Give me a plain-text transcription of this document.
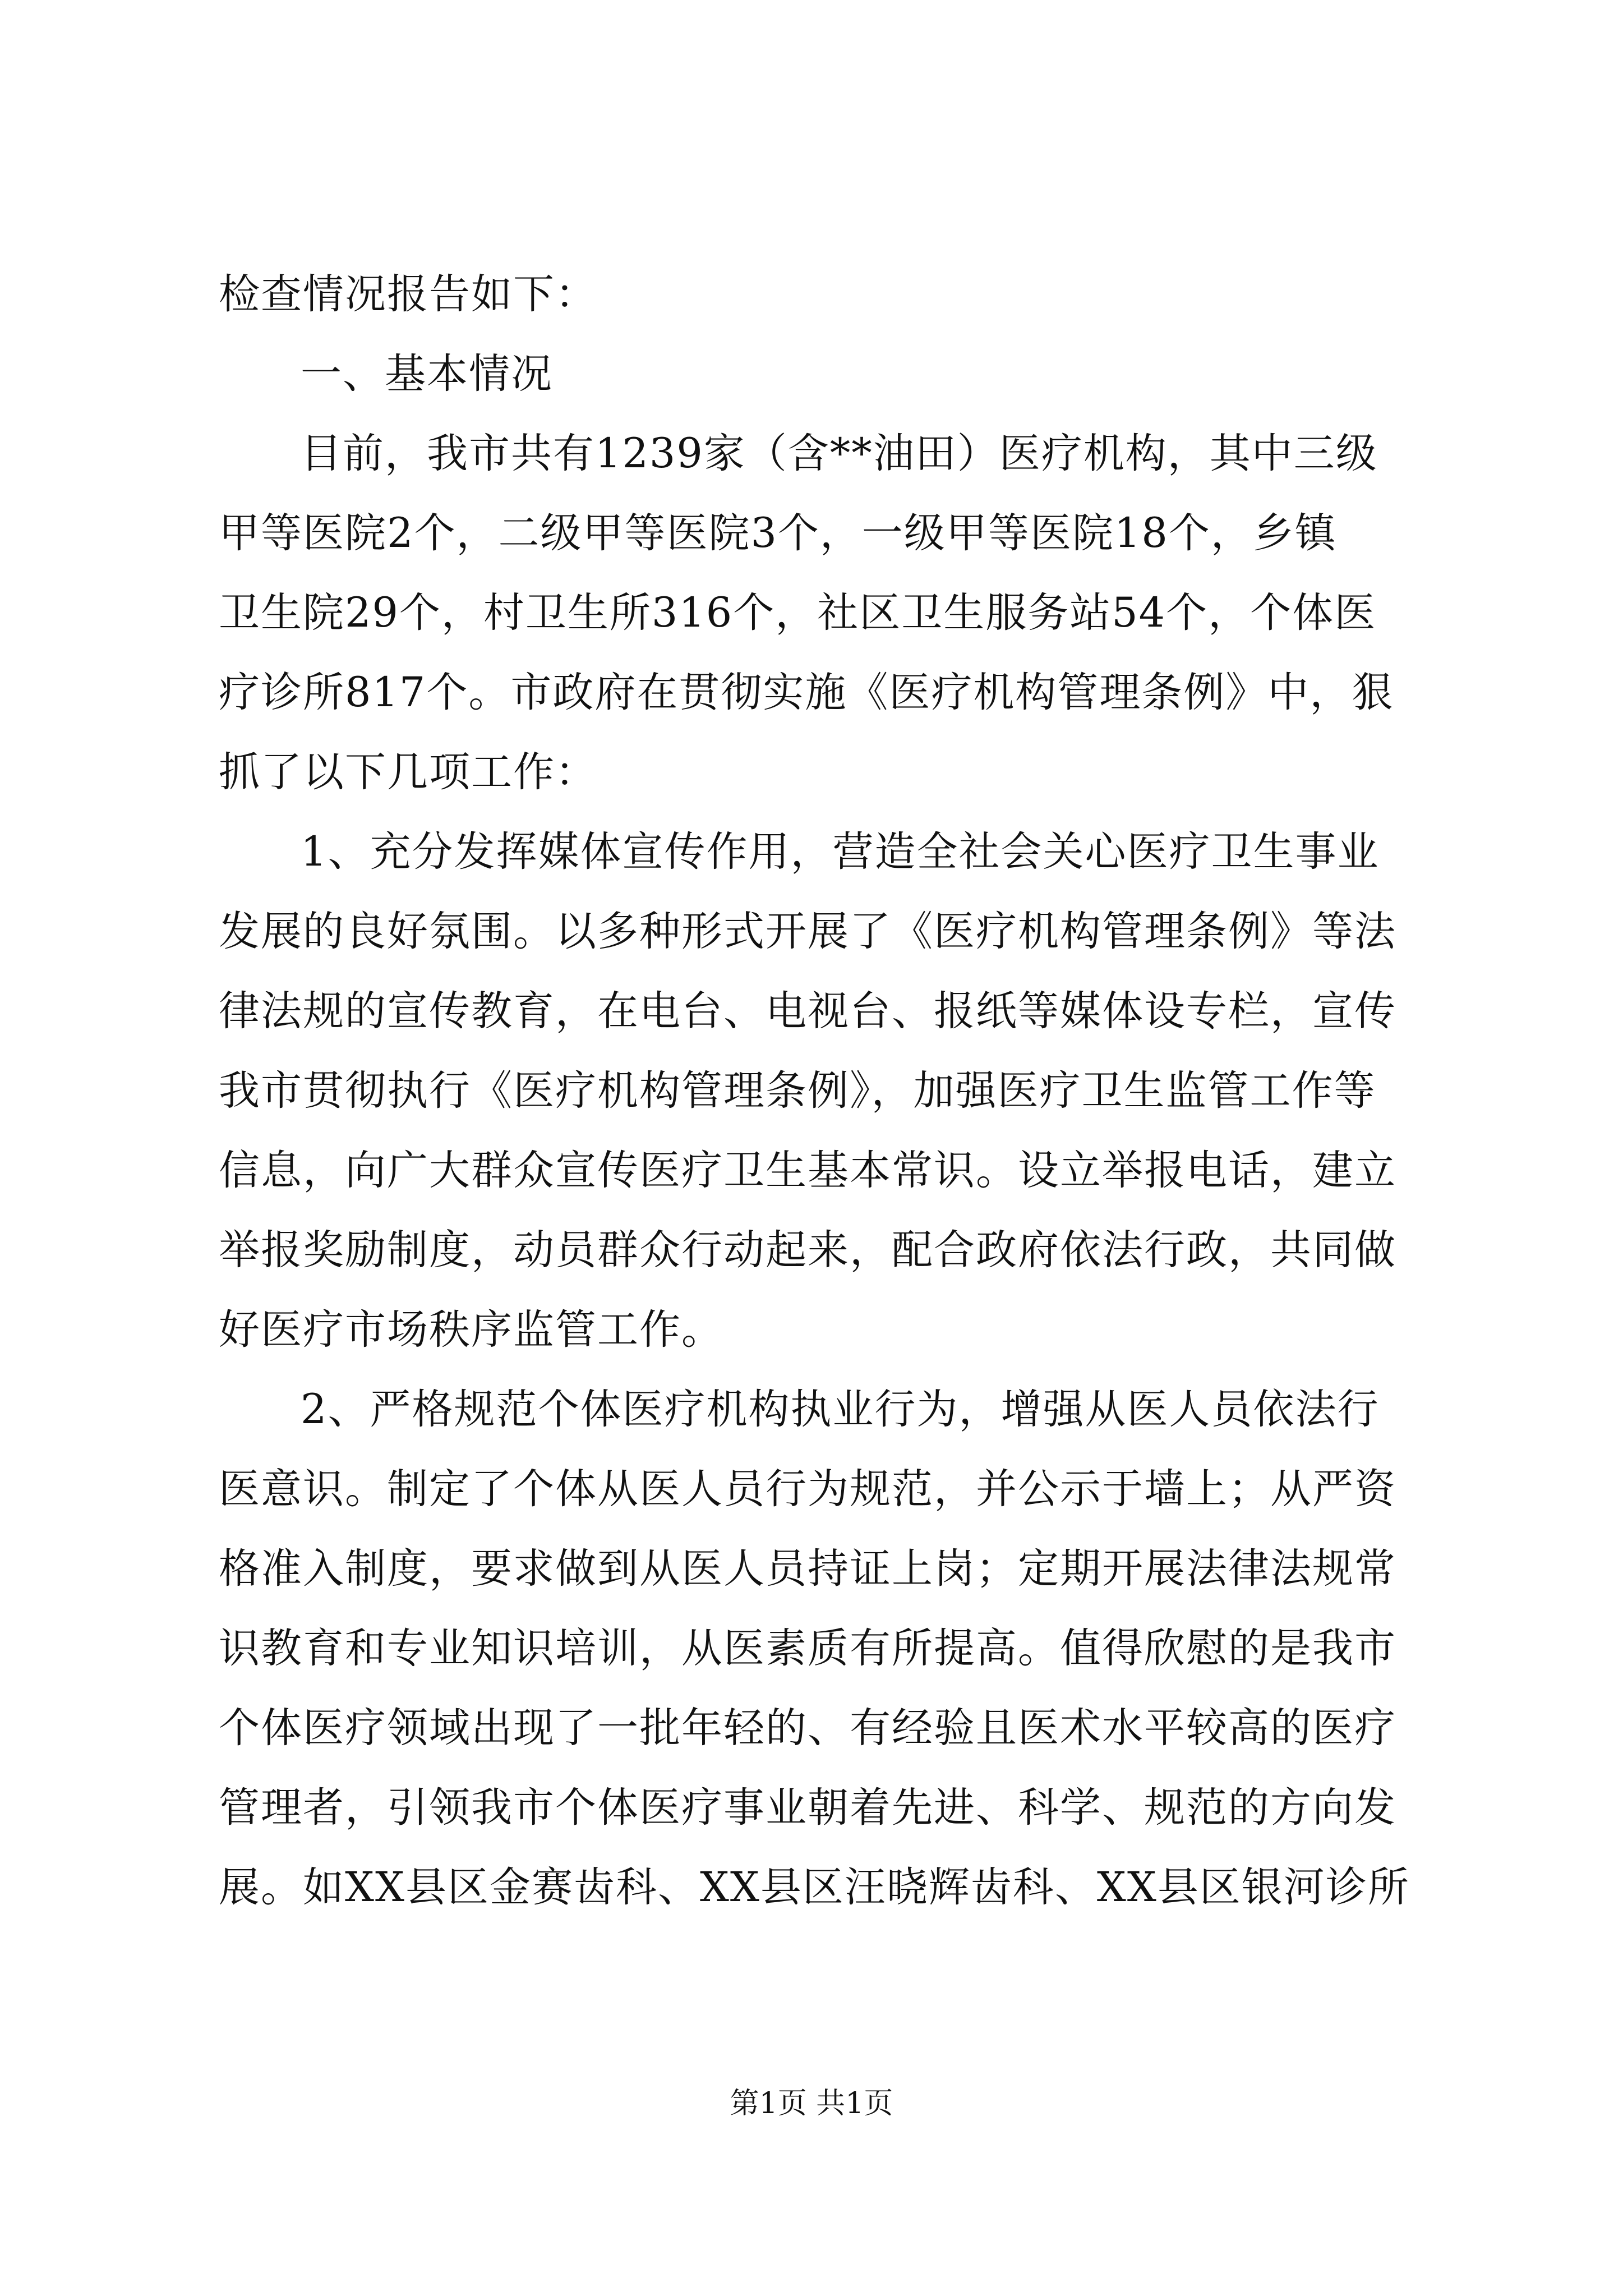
检查情况报告如下：
一、基本情况
目前，我市共有1239家（含**油田）医疗机构，其中三级
甲等医院2个，二级甲等医院3个，一级甲等医院18个，乡镇
卫生院29个，村卫生所316个，社区卫生服务站54个，个体医
疗诊所817个。市政府在贯彻实施《医疗机构管理条例》中，狠
抓了以下几项工作：
1、充分发挥媒体宣传作用，营造全社会关心医疗卫生事业
发展的良好氛围。以多种形式开展了《医疗机构管理条例》等法
律法规的宣传教育，在电台、电视台、报纸等媒体设专栏，宣传
我市贯彻执行《医疗机构管理条例》，加强医疗卫生监管工作等
信息，向广大群众宣传医疗卫生基本常识。设立举报电话，建立
举报奖励制度，动员群众行动起来，配合政府依法行政，共同做
好医疗市场秩序监管工作。
2、严格规范个体医疗机构执业行为，增强从医人员依法行
医意识。制定了个体从医人员行为规范，并公示于墙上；从严资
格准入制度，要求做到从医人员持证上岗；定期开展法律法规常
识教育和专业知识培训，从医素质有所提高。值得欣慰的是我市
个体医疗领域出现了一批年轻的、有经验且医术水平较高的医疗
管理者，引领我市个体医疗事业朝着先进、科学、规范的方向发
展。如XX县区金赛齿科、XX县区汪晓辉齿科、XX县区银河诊所
第1页 共1页
